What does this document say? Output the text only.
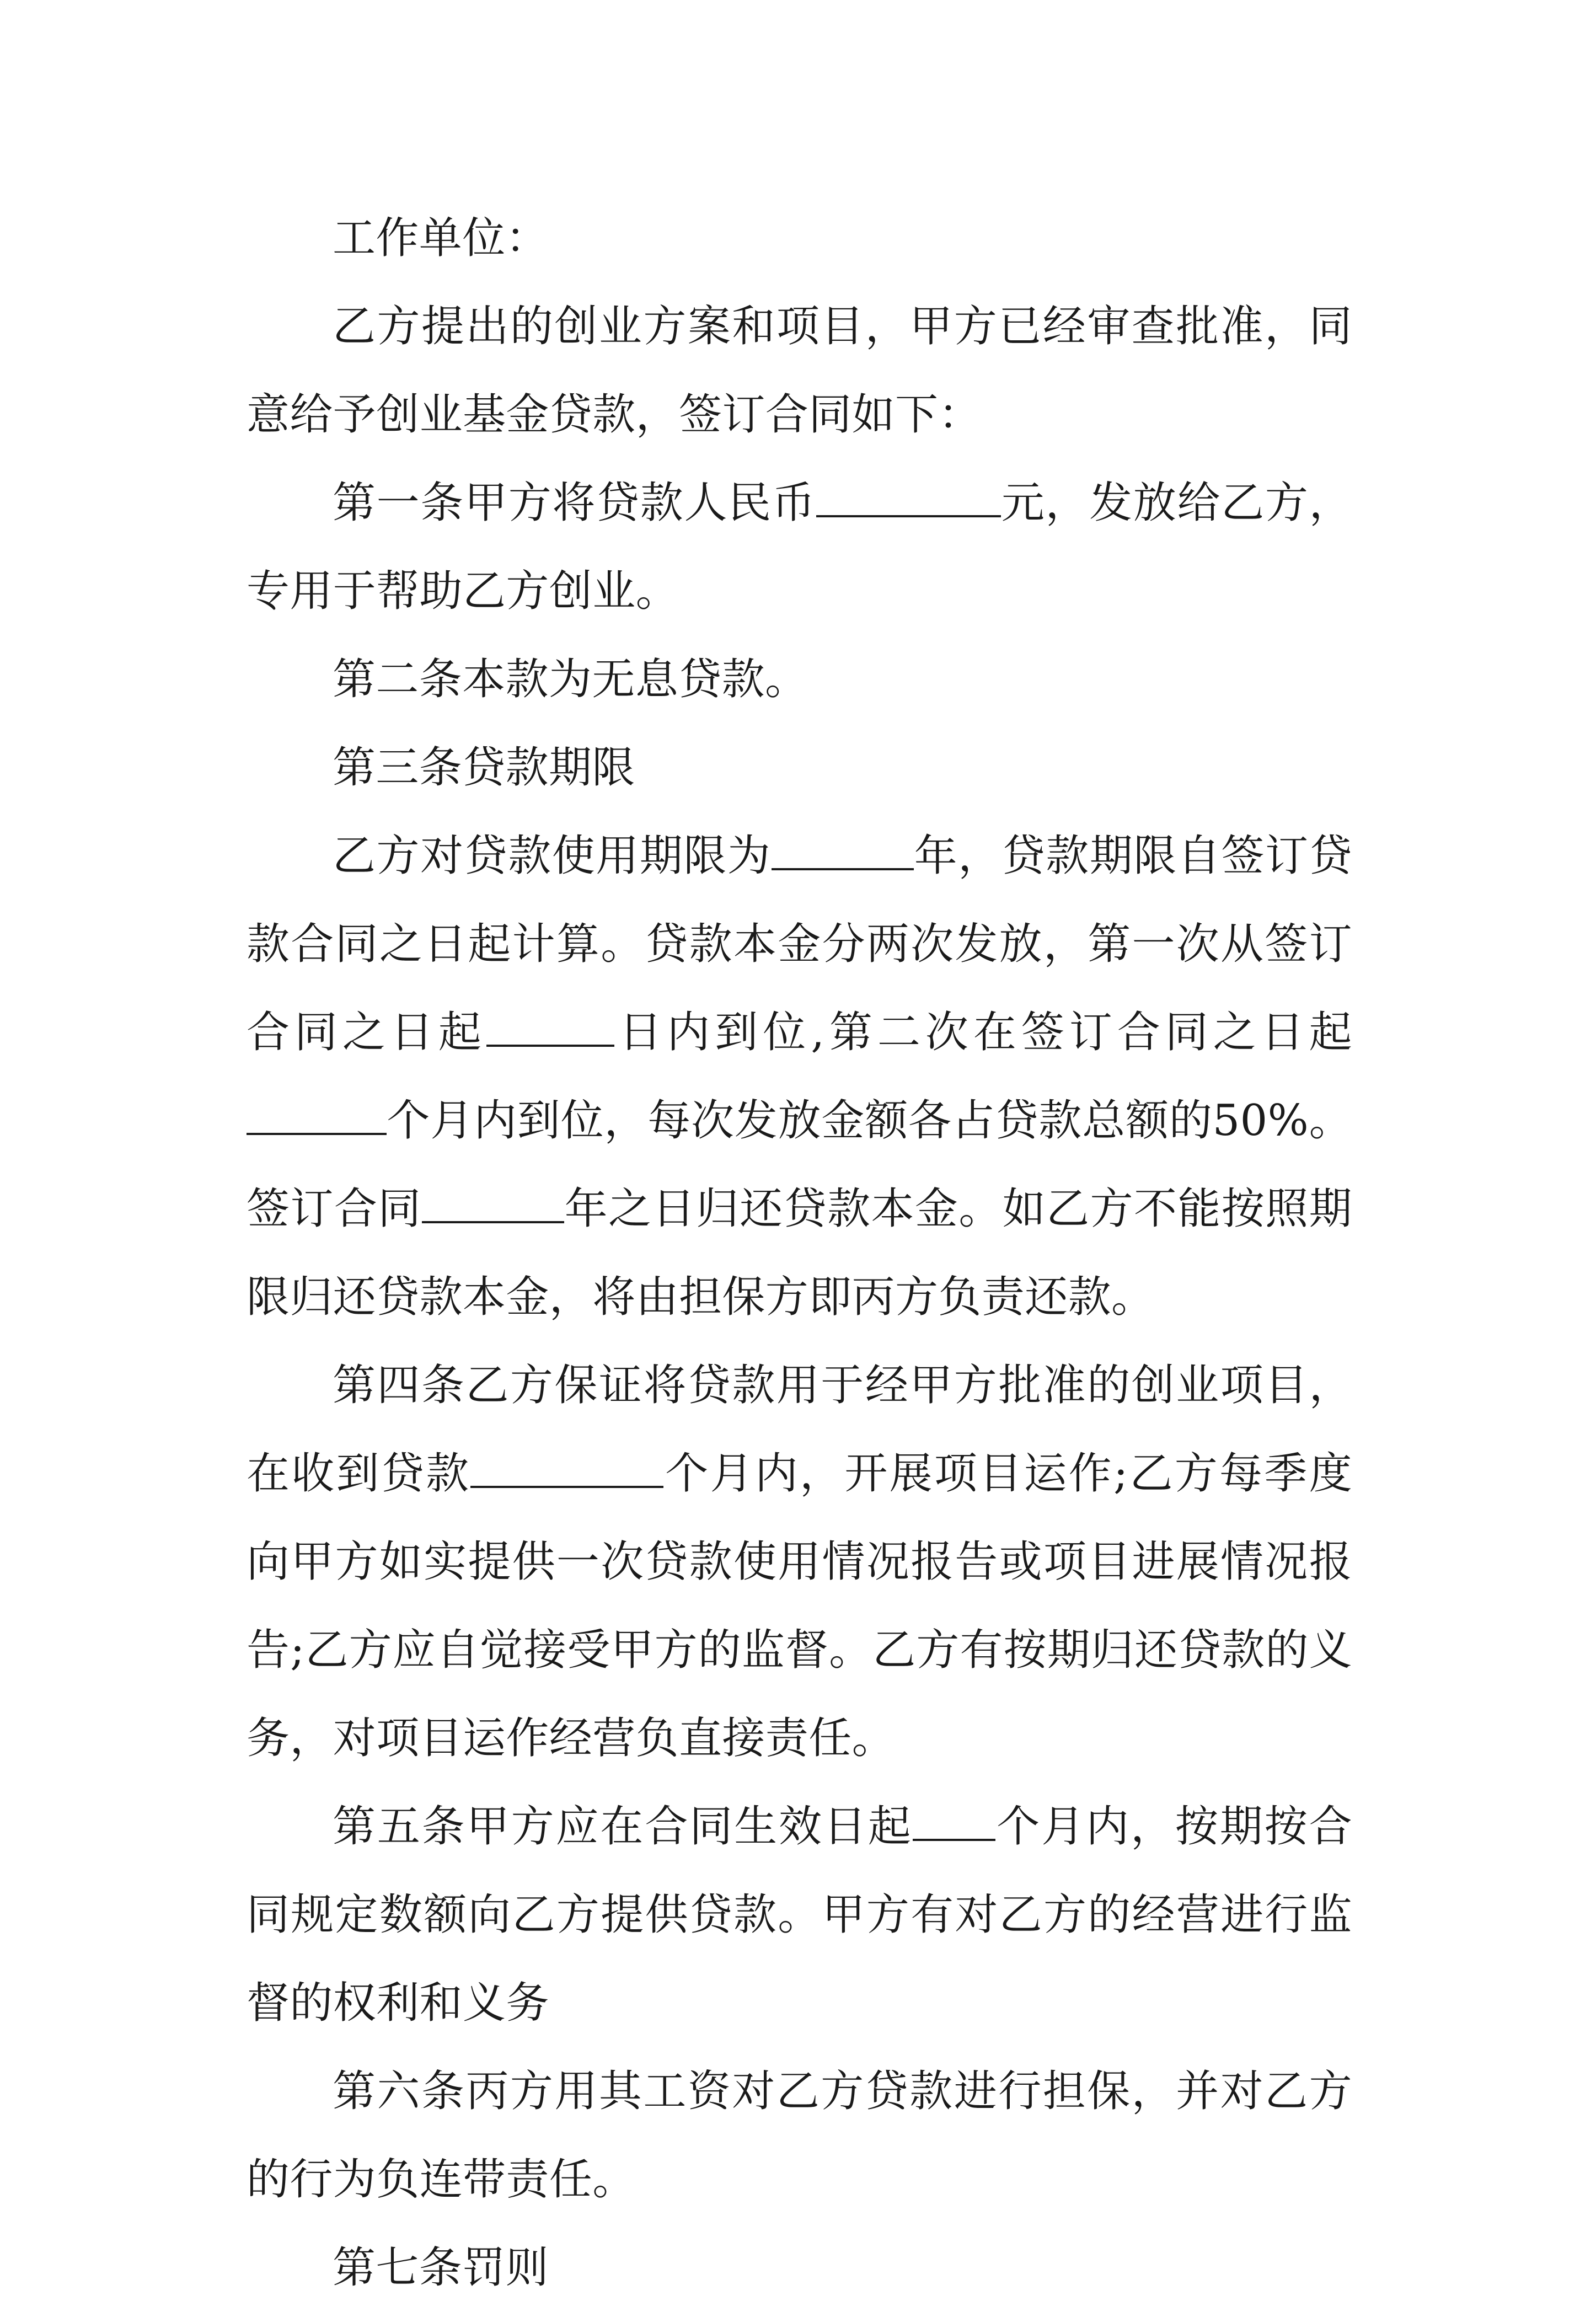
工作单位：

乙方提出的创业方案和项目，甲方已经审查批准，同意给予创业基金贷款，签订合同如下：

第一条甲方将贷款人民币	元，发放给乙方，专用于帮助乙方创业。

第二条本款为无息贷款。

第三条贷款期限

乙方对贷款使用期限为	年，贷款期限自签订贷款合同之日起计算。贷款本金分两次发放，第一次从签订合同之日起	日内到位,第二次在签订合同之日起个月内到位，每次发放金额各占贷款总额的50%。签订合同	年之日归还贷款本金。如乙方不能按照期限归还贷款本金，将由担保方即丙方负责还款。

第四条乙方保证将贷款用于经甲方批准的创业项目，在收到贷款	个月内，开展项目运作;乙方每季度向甲方如实提供一次贷款使用情况报告或项目进展情况报告;乙方应自觉接受甲方的监督。乙方有按期归还贷款的义务，对项目运作经营负直接责任。

第五条甲方应在合同生效日起 个月内，按期按合同规定数额向乙方提供贷款。甲方有对乙方的经营进行监督的权利和义务

第六条丙方用其工资对乙方贷款进行担保，并对乙方的行为负连带责任。

第七条罚则
